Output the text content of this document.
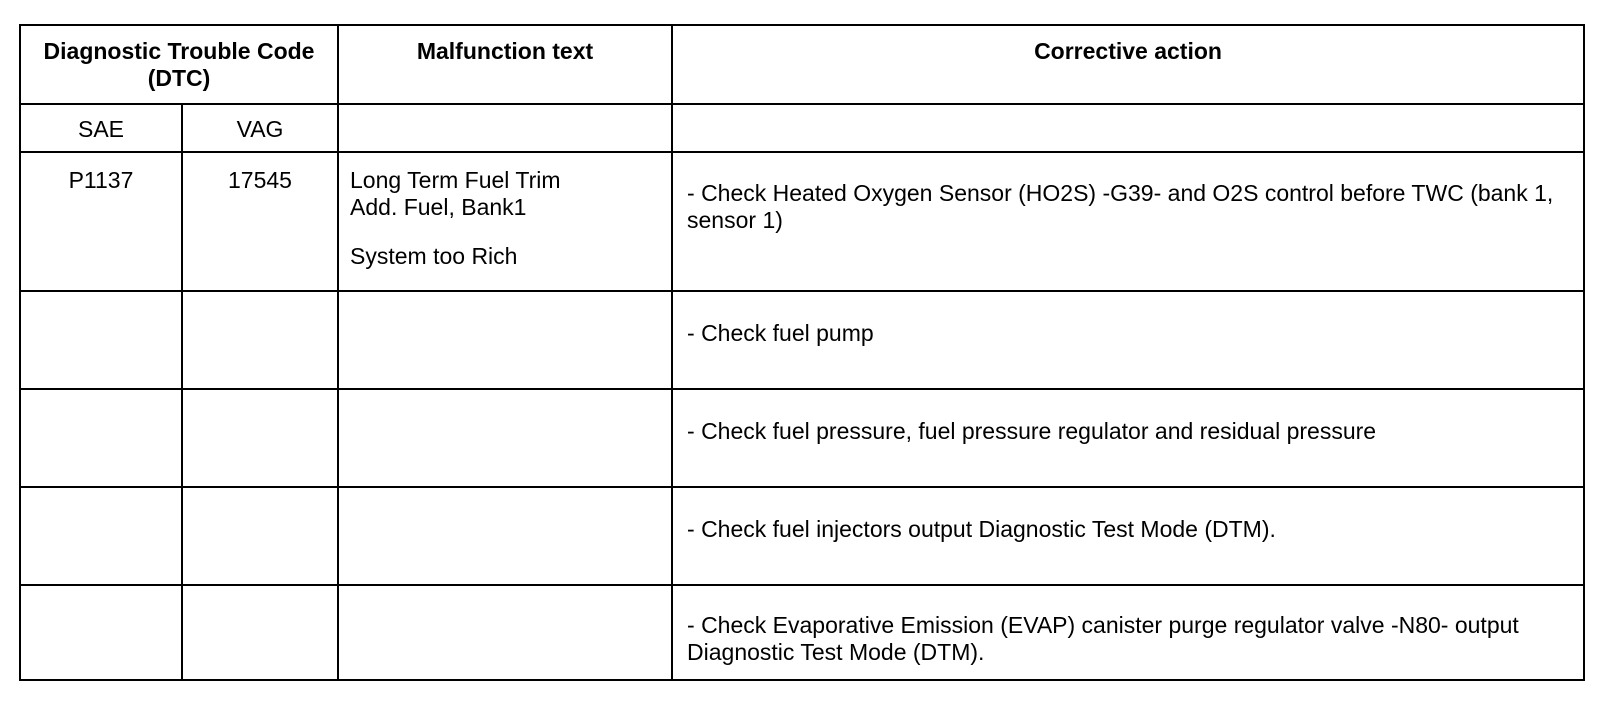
Diagnostic Trouble Code (DTC)		Malfunction text	Corrective action
SAE	VAG		
P1137	17545	Long Term Fuel Trim
Add. Fuel, Bank1
System too Rich	- Check Heated Oxygen Sensor (HO2S) -G39- and O2S control before TWC (bank 1, sensor 1)

			- Check fuel pump

			- Check fuel pressure, fuel pressure regulator and residual pressure

			- Check fuel injectors output Diagnostic Test Mode (DTM).

			- Check Evaporative Emission (EVAP) canister purge regulator valve -N80- output Diagnostic Test Mode (DTM).
